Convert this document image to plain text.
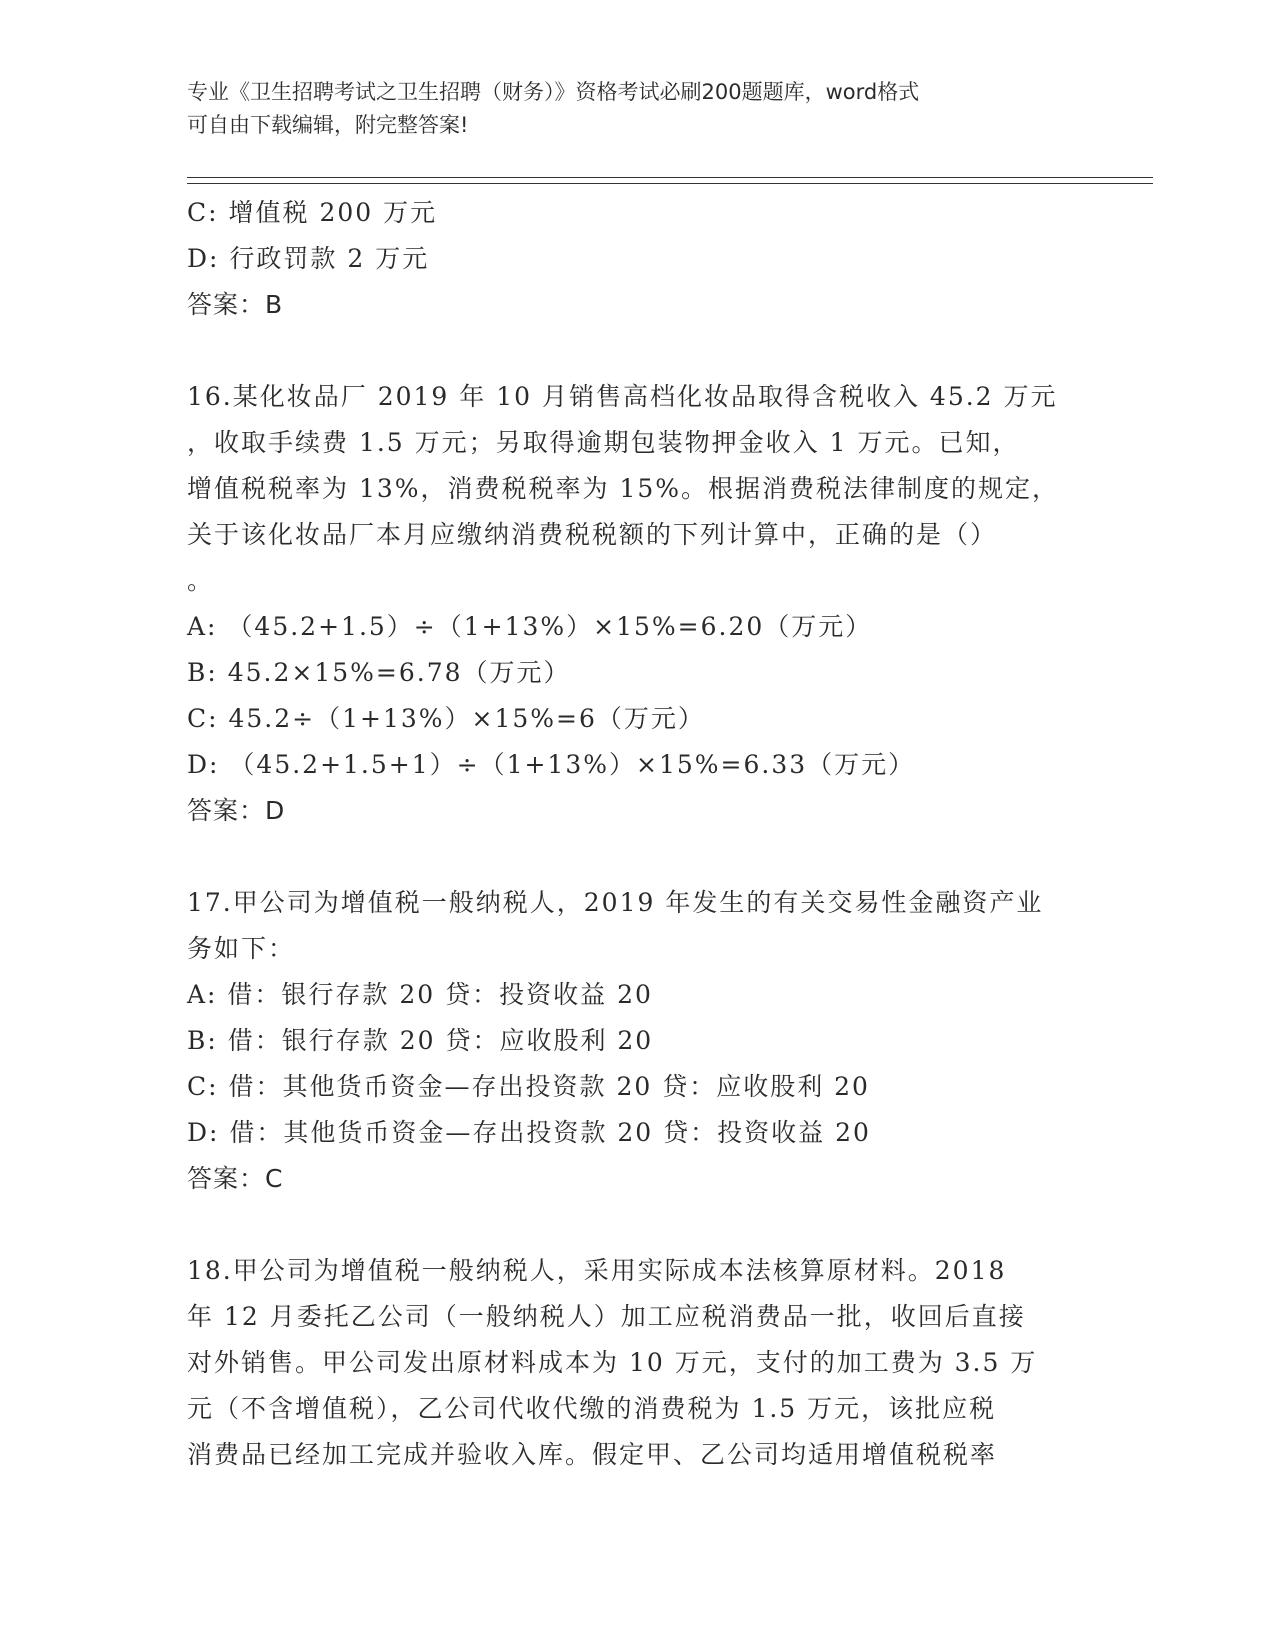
专业《卫生招聘考试之卫生招聘（财务）》资格考试必刷200题题库，word格式
可自由下载编辑，附完整答案!
C: 增值税 200 万元
D: 行政罚款 2 万元
答案：B
16.某化妆品厂 2019 年 10 月销售高档化妆品取得含税收入 45.2 万元
，收取手续费 1.5 万元；另取得逾期包装物押金收入 1 万元。已知，
增值税税率为 13%，消费税税率为 15%。根据消费税法律制度的规定，
关于该化妆品厂本月应缴纳消费税税额的下列计算中，正确的是（）
。
A: （45.2+1.5）÷（1+13%）×15%=6.20（万元）
B: 45.2×15%=6.78（万元）
C: 45.2÷（1+13%）×15%=6（万元）
D: （45.2+1.5+1）÷（1+13%）×15%=6.33（万元）
答案：D
17.甲公司为增值税一般纳税人，2019 年发生的有关交易性金融资产业
务如下：
A: 借：银行存款 20 贷：投资收益 20
B: 借：银行存款 20 贷：应收股利 20
C: 借：其他货币资金—存出投资款 20 贷：应收股利 20
D: 借：其他货币资金—存出投资款 20 贷：投资收益 20
答案：C
18.甲公司为增值税一般纳税人，采用实际成本法核算原材料。2018
年 12 月委托乙公司（一般纳税人）加工应税消费品一批，收回后直接
对外销售。甲公司发出原材料成本为 10 万元，支付的加工费为 3.5 万
元（不含增值税），乙公司代收代缴的消费税为 1.5 万元，该批应税
消费品已经加工完成并验收入库。假定甲、乙公司均适用增值税税率
